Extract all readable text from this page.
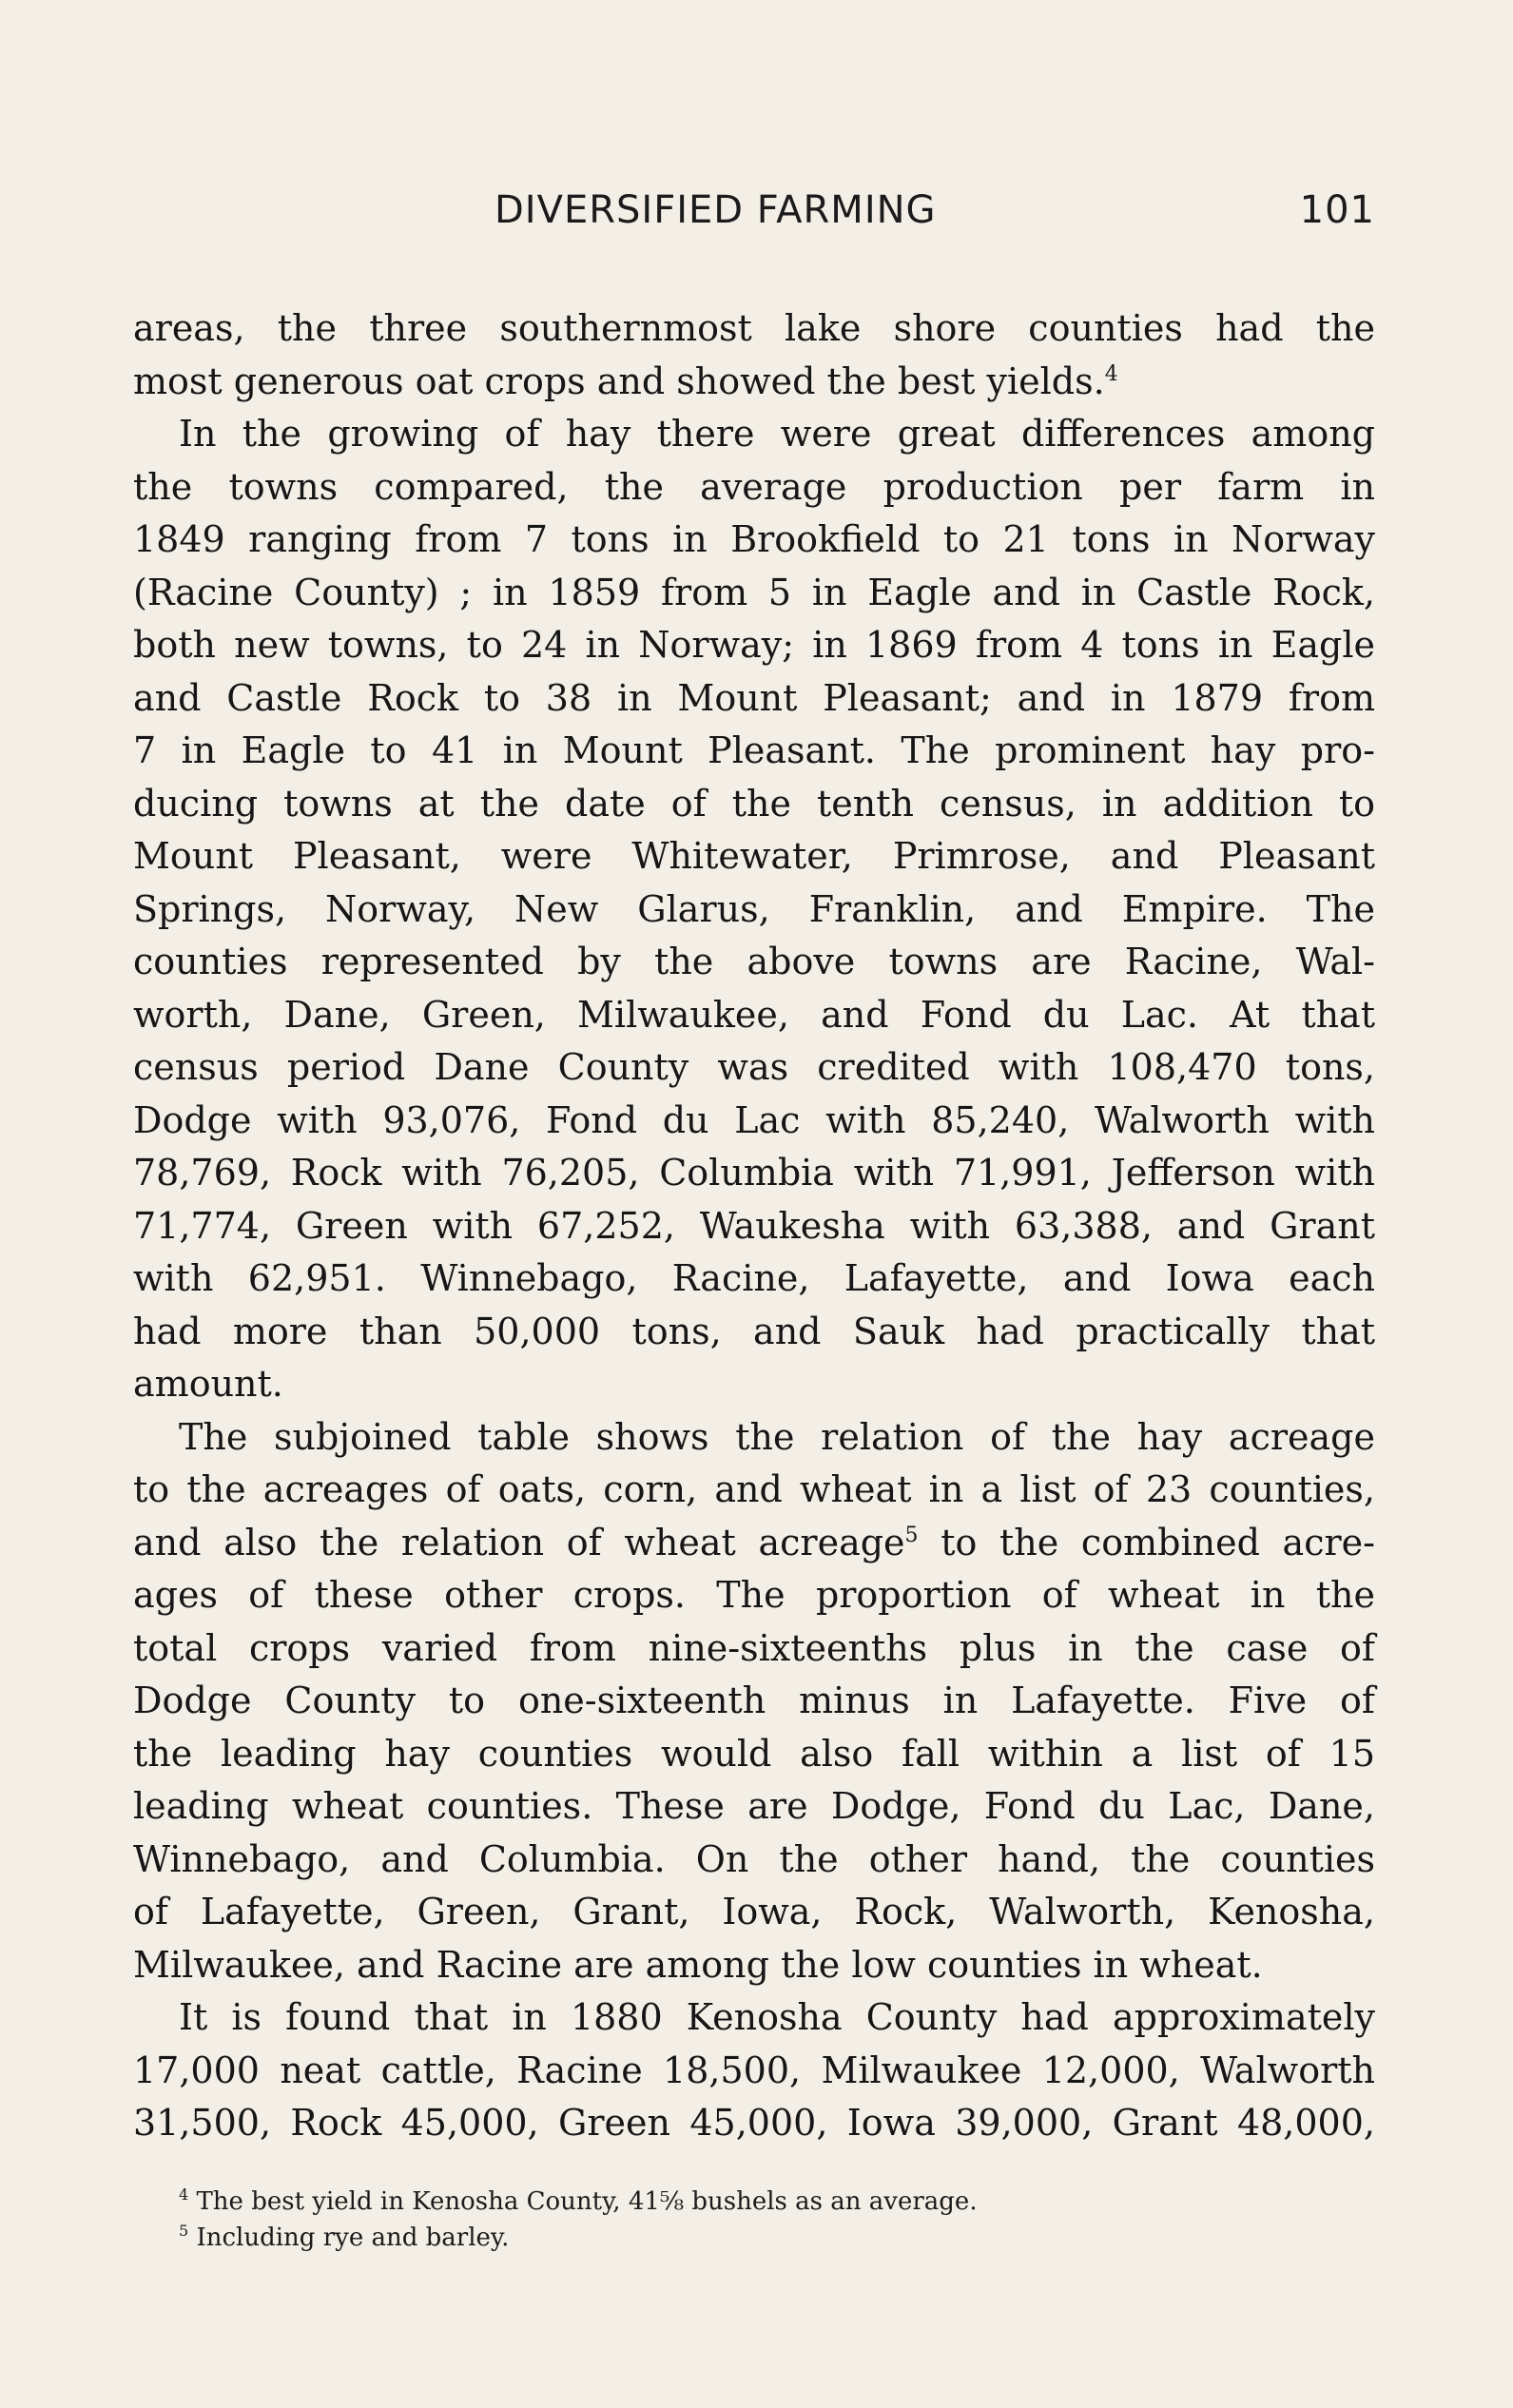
DIVERSIFIED FARMING	101
areas, the three southernmost lake shore counties had the
most generous oat crops and showed the best yields.$^4$
In the growing of hay there were great differences among
the towns compared, the average production per farm in
1849 ranging from 7 tons in Brookfield to 21 tons in Norway
(Racine County) ; in 1859 from 5 in Eagle and in Castle Rock,
both new towns, to 24 in Norway; in 1869 from 4 tons in Eagle
and Castle Rock to 38 in Mount Pleasant; and in 1879 from
7 in Eagle to 41 in Mount Pleasant. The prominent hay pro-
ducing towns at the date of the tenth census, in addition to
Mount Pleasant, were Whitewater, Primrose, and Pleasant
Springs, Norway, New Glarus, Franklin, and Empire. The
counties represented by the above towns are Racine, Wal-
worth, Dane, Green, Milwaukee, and Fond du Lac. At that
census period Dane County was credited with 108,470 tons,
Dodge with 93,076, Fond du Lac with 85,240, Walworth with
78,769, Rock with 76,205, Columbia with 71,991, Jefferson with
71,774, Green with 67,252, Waukesha with 63,388, and Grant
with 62,951. Winnebago, Racine, Lafayette, and Iowa each
had more than 50,000 tons, and Sauk had practically that
amount.
The subjoined table shows the relation of the hay acreage
to the acreages of oats, corn, and wheat in a list of 23 counties,
and also the relation of wheat acreage$^5$ to the combined acre-
ages of these other crops. The proportion of wheat in the
total crops varied from nine-sixteenths plus in the case of
Dodge County to one-sixteenth minus in Lafayette. Five of
the leading hay counties would also fall within a list of 15
leading wheat counties. These are Dodge, Fond du Lac, Dane,
Winnebago, and Columbia. On the other hand, the counties
of Lafayette, Green, Grant, Iowa, Rock, Walworth, Kenosha,
Milwaukee, and Racine are among the low counties in wheat.
It is found that in 1880 Kenosha County had approximately
17,000 neat cattle, Racine 18,500, Milwaukee 12,000, Walworth
31,500, Rock 45,000, Green 45,000, Iowa 39,000, Grant 48,000,
$^4$ The best yield in Kenosha County, 41⅝ bushels as an average.
$^5$ Including rye and barley.
